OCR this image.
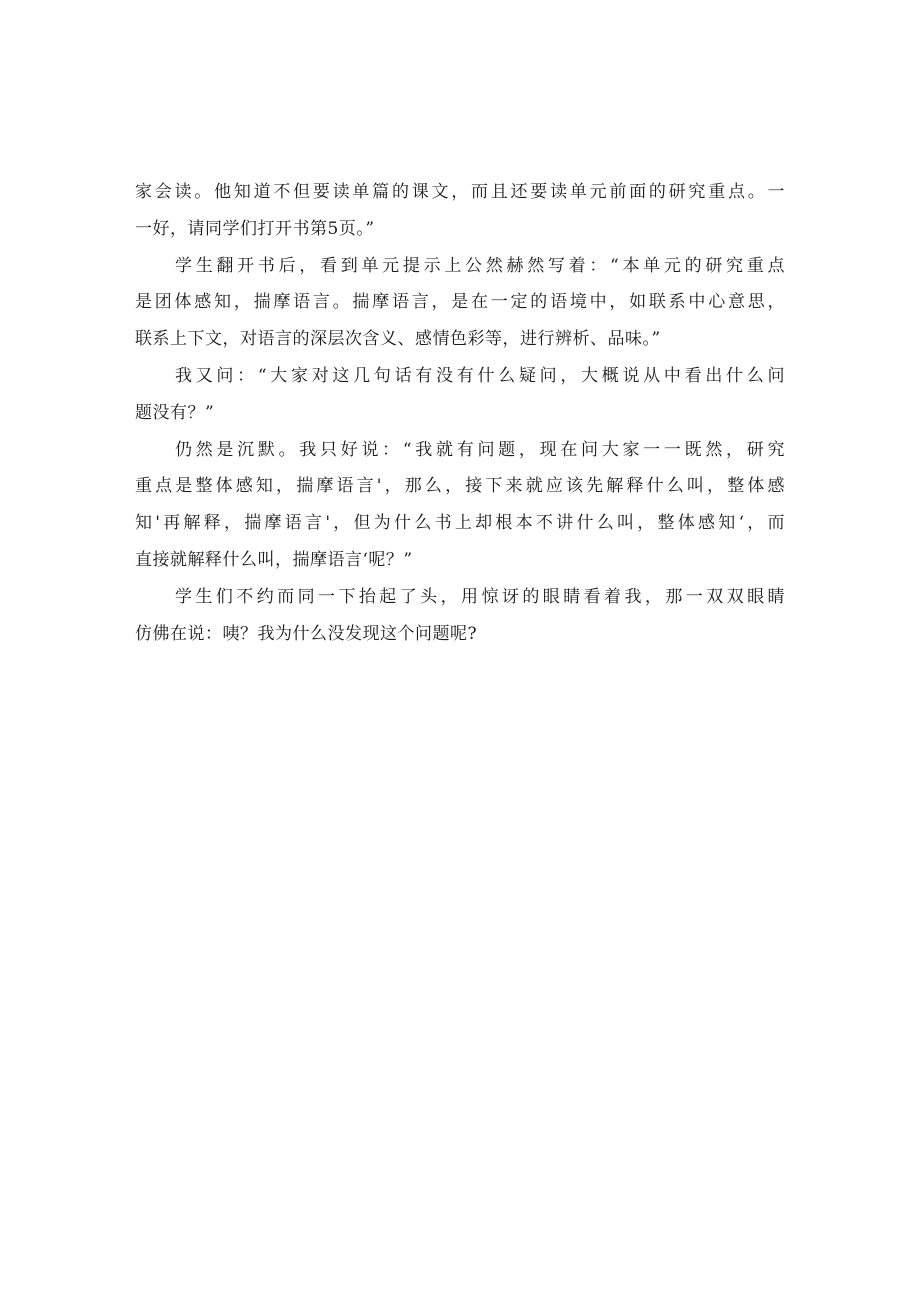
家会读。他知道不但要读单篇的课文，而且还要读单元前面的研究重点。一
一好，请同学们打开书第5页。”
学生翻开书后，看到单元提示上公然赫然写着：“本单元的研究重点
是团体感知，揣摩语言。揣摩语言，是在一定的语境中，如联系中心意思，
联系上下文，对语言的深层次含义、感情色彩等，进行辨析、品味。”
我又问：“大家对这几句话有没有什么疑问，大概说从中看出什么问
题没有？”
仍然是沉默。我只好说：“我就有问题，现在问大家一一既然，研究
重点是整体感知，揣摩语言'，那么，接下来就应该先解释什么叫，整体感
知'再解释，揣摩语言'，但为什么书上却根本不讲什么叫，整体感知‘，而
直接就解释什么叫，揣摩语言‘呢？”
学生们不约而同一下抬起了头，用惊讶的眼睛看着我，那一双双眼睛
仿佛在说：咦？我为什么没发现这个问题呢?
